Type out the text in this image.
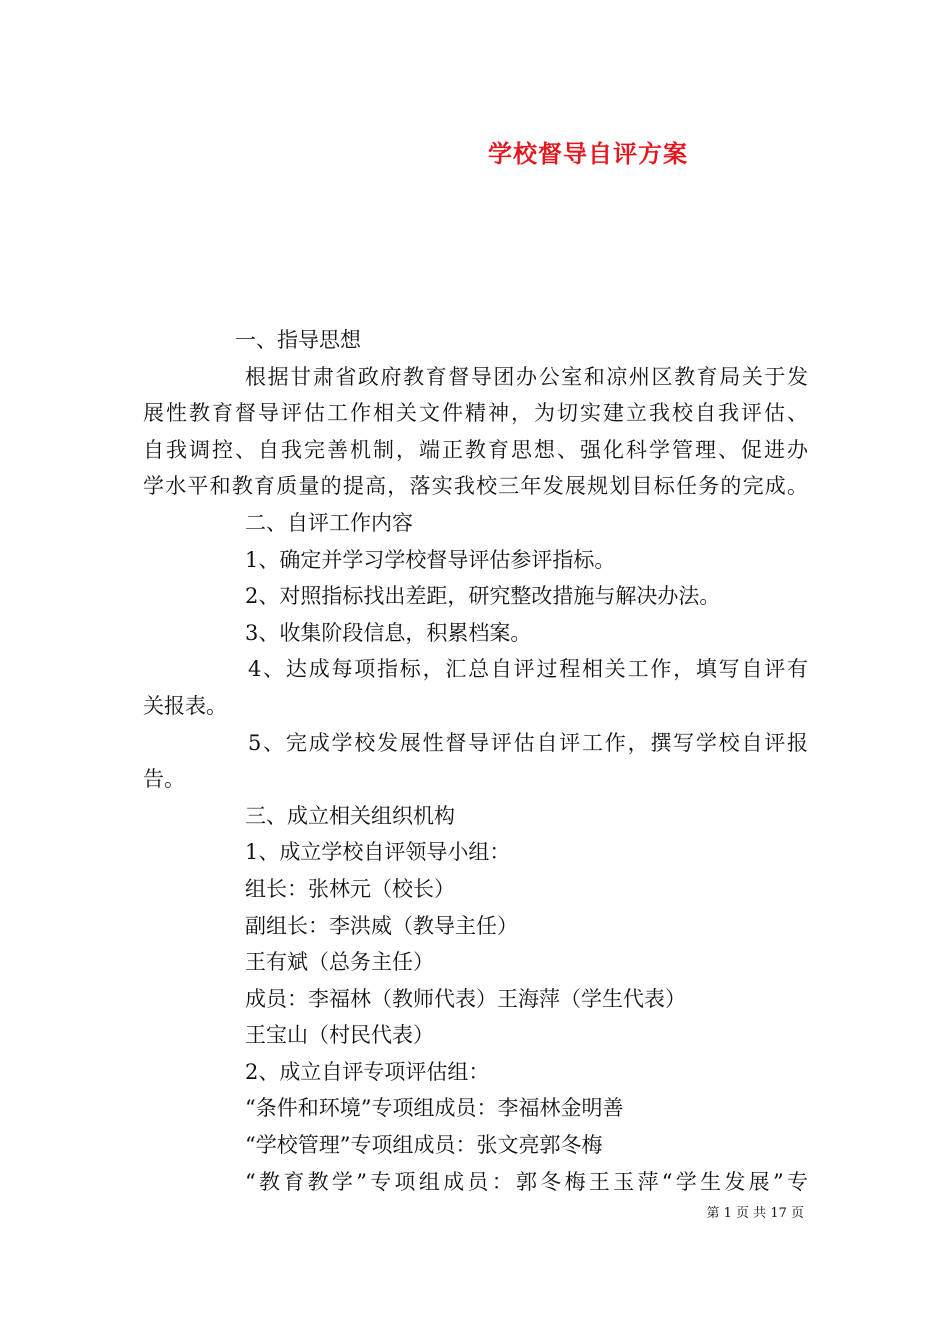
学校督导自评方案
一、指导思想
根据甘肃省政府教育督导团办公室和凉州区教育局关于发
展性教育督导评估工作相关文件精神，为切实建立我校自我评估、
自我调控、自我完善机制，端正教育思想、强化科学管理、促进办
学水平和教育质量的提高，落实我校三年发展规划目标任务的完成。
二、自评工作内容
1、确定并学习学校督导评估参评指标。
2、对照指标找出差距，研究整改措施与解决办法。
3、收集阶段信息，积累档案。
4、达成每项指标，汇总自评过程相关工作，填写自评有
关报表。
5、完成学校发展性督导评估自评工作，撰写学校自评报
告。
三、成立相关组织机构
1、成立学校自评领导小组：
组长：张林元（校长）
副组长：李洪威（教导主任）
王有斌（总务主任）
成员：李福林（教师代表）王海萍（学生代表）
王宝山（村民代表）
2、成立自评专项评估组：
“条件和环境”专项组成员：李福林金明善
“学校管理”专项组成员：张文亮郭冬梅
“教育教学”专项组成员：郭冬梅王玉萍“学生发展”专
第 1 页 共 17 页
